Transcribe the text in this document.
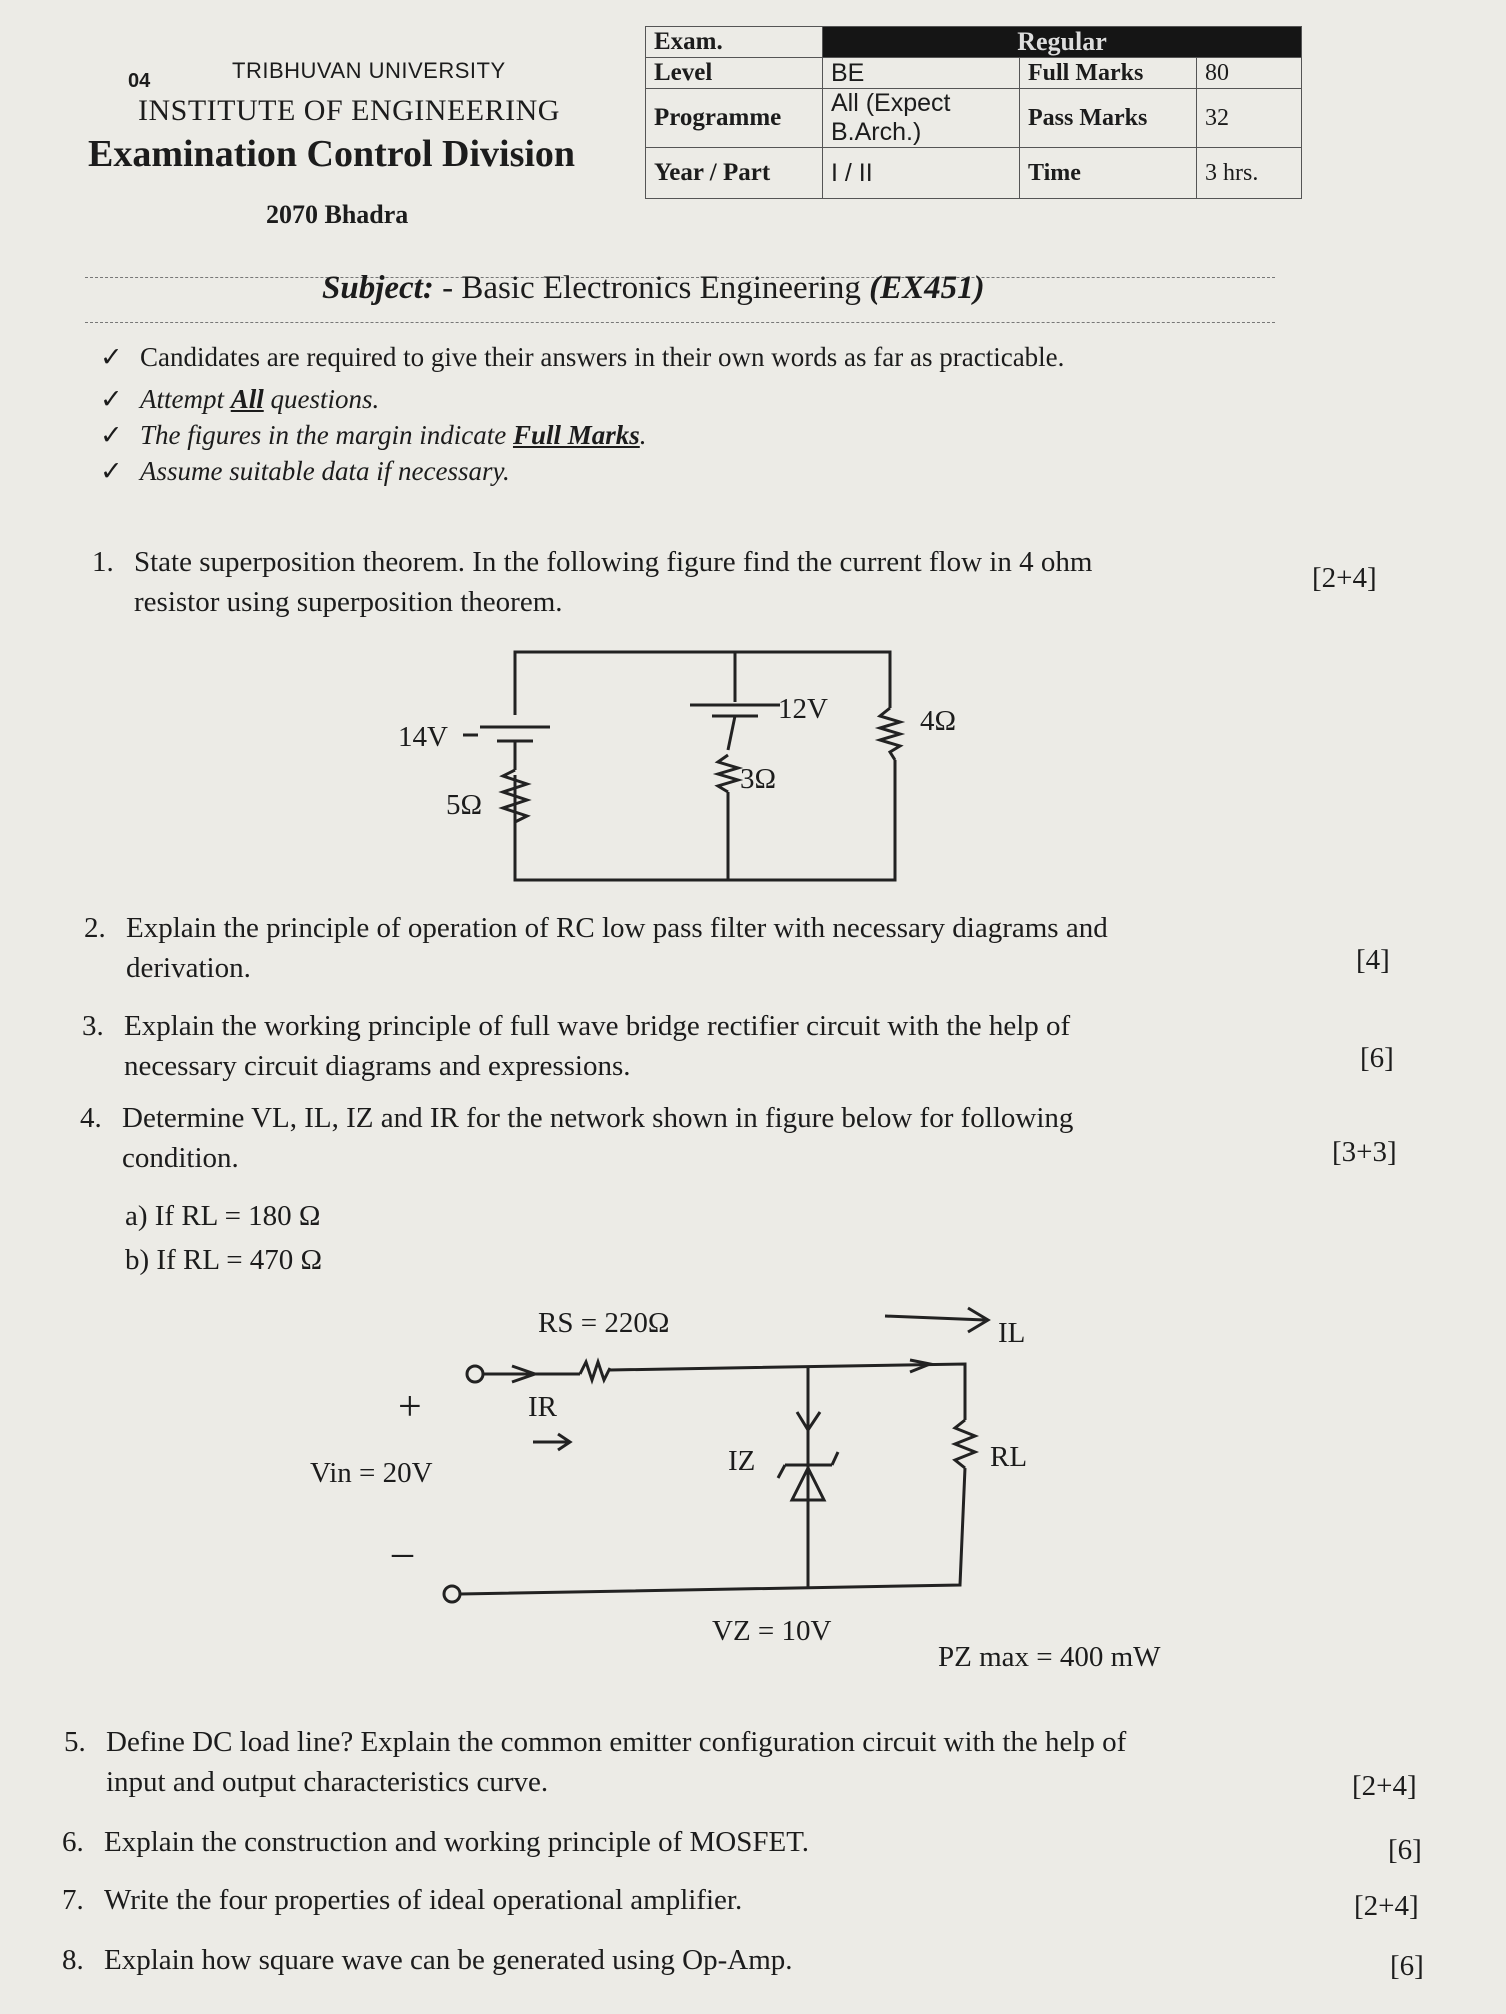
04	TRIBHUVAN UNIVERSITY
INSTITUTE OF ENGINEERING
Examination Control Division
2070 Bhadra
Exam.	Regular		
Level	BE	Full Marks	80
Programme	All (Expect
B.Arch.)	Pass Marks	32
Year / Part	I / II	Time	3 hrs.
Subject: - Basic Electronics Engineering (EX451)
✓ Candidates are required to give their answers in their own words as far as practicable.
✓ Attempt All questions.
✓ The figures in the margin indicate Full Marks.
✓ Assume suitable data if necessary.
1. State superposition theorem. In the following figure find the current flow in 4 ohm
resistor using superposition theorem.
[2+4]
14V
12V
5Ω
3Ω
4Ω
RS = 220Ω	IL
IR
IZ	RL
Vin = 20V
+
–
VZ = 10V
PZ max = 400 mW
2. Explain the principle of operation of RC low pass filter with necessary diagrams and
derivation.	[4]
3. Explain the working principle of full wave bridge rectifier circuit with the help of
necessary circuit diagrams and expressions.	[6]
4. Determine VL, IL, IZ and IR for the network shown in figure below for following
condition.	[3+3]
a) If RL = 180 Ω
b) If RL = 470 Ω
5. Define DC load line? Explain the common emitter configuration circuit with the help of
input and output characteristics curve.	[2+4]
6. Explain the construction and working principle of MOSFET.	[6]
7. Write the four properties of ideal operational amplifier.	[2+4]
8. Explain how square wave can be generated using Op-Amp.	[6]
